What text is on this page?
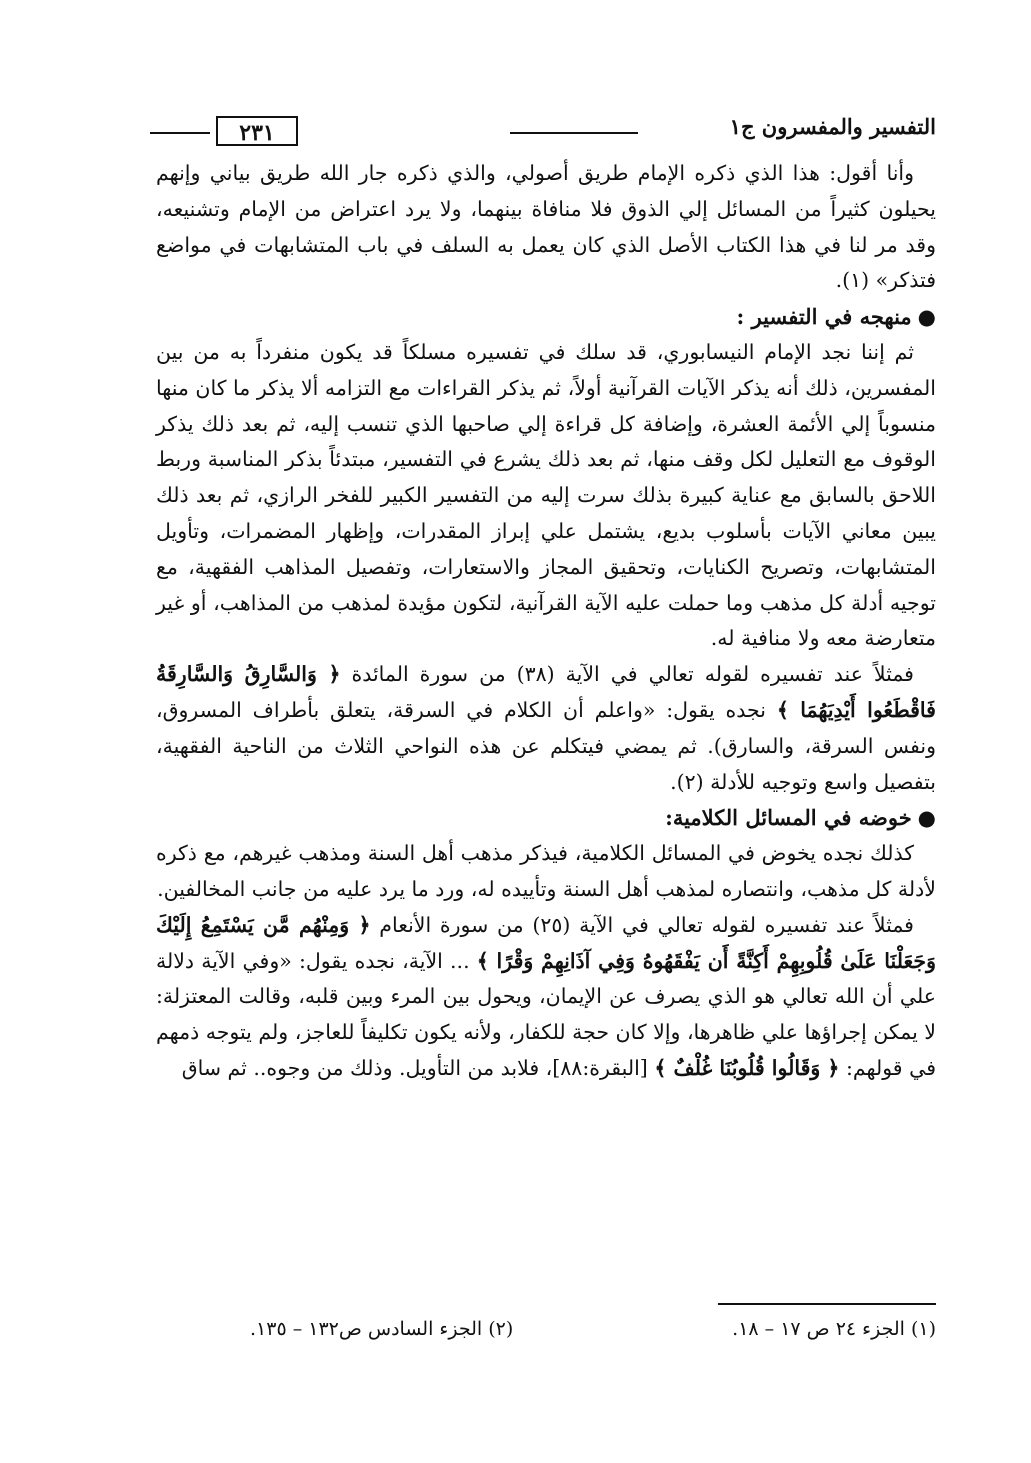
التفسير والمفسرون ج١
٢٣١

وأنا أقول: هذا الذي ذكره الإمام طريق أصولي، والذي ذكره جار الله طريق بياني وإنهم يحيلون كثيراً من المسائل إلي الذوق فلا منافاة بينهما، ولا يرد اعتراض من الإمام وتشنيعه، وقد مر لنا في هذا الكتاب الأصل الذي كان يعمل به السلف في باب المتشابهات في مواضع فتذكر» (١).

●منهجه في التفسير :

ثم إننا نجد الإمام النيسابوري، قد سلك في تفسيره مسلكاً قد يكون منفرداً به من بين المفسرين، ذلك أنه يذكر الآيات القرآنية أولاً، ثم يذكر القراءات مع التزامه ألا يذكر ما كان منها منسوباً إلي الأئمة العشرة، وإضافة كل قراءة إلي صاحبها الذي تنسب إليه، ثم بعد ذلك يذكر الوقوف مع التعليل لكل وقف منها، ثم بعد ذلك يشرع في التفسير، مبتدئاً بذكر المناسبة وربط اللاحق بالسابق مع عناية كبيرة بذلك سرت إليه من التفسير الكبير للفخر الرازي، ثم بعد ذلك يبين معاني الآيات بأسلوب بديع، يشتمل علي إبراز المقدرات، وإظهار المضمرات، وتأويل المتشابهات، وتصريح الكنايات، وتحقيق المجاز والاستعارات، وتفصيل المذاهب الفقهية، مع توجيه أدلة كل مذهب وما حملت عليه الآية القرآنية، لتكون مؤيدة لمذهب من المذاهب، أو غير متعارضة معه ولا منافية له.

فمثلاً عند تفسيره لقوله تعالي في الآية (٣٨) من سورة المائدة ﴿ وَالسَّارِقُ وَالسَّارِقَةُ فَاقْطَعُوا أَيْدِيَهُمَا ﴾ نجده يقول: «واعلم أن الكلام في السرقة، يتعلق بأطراف المسروق، ونفس السرقة، والسارق). ثم يمضي فيتكلم عن هذه النواحي الثلاث من الناحية الفقهية، بتفصيل واسع وتوجيه للأدلة (٢).

●خوضه في المسائل الكلامية:

كذلك نجده يخوض في المسائل الكلامية، فيذكر مذهب أهل السنة ومذهب غيرهم، مع ذكره لأدلة كل مذهب، وانتصاره لمذهب أهل السنة وتأييده له، ورد ما يرد عليه من جانب المخالفين.

فمثلاً عند تفسيره لقوله تعالي في الآية (٢٥) من سورة الأنعام ﴿ وَمِنْهُم مَّن يَسْتَمِعُ إِلَيْكَ وَجَعَلْنَا عَلَىٰ قُلُوبِهِمْ أَكِنَّةً أَن يَفْقَهُوهُ وَفِي آذَانِهِمْ وَقْرًا ﴾ ... الآية، نجده يقول: «وفي الآية دلالة علي أن الله تعالي هو الذي يصرف عن الإيمان، ويحول بين المرء وبين قلبه، وقالت المعتزلة: لا يمكن إجراؤها علي ظاهرها، وإلا كان حجة للكفار، ولأنه يكون تكليفاً للعاجز، ولم يتوجه ذمهم في قولهم: ﴿ وَقَالُوا قُلُوبُنَا غُلْفٌ ﴾ [البقرة:٨٨]، فلابد من التأويل. وذلك من وجوه.. ثم ساق

(١) الجزء ٢٤ ص ١٧ – ١٨.
(٢) الجزء السادس ص١٣٢ – ١٣٥.
